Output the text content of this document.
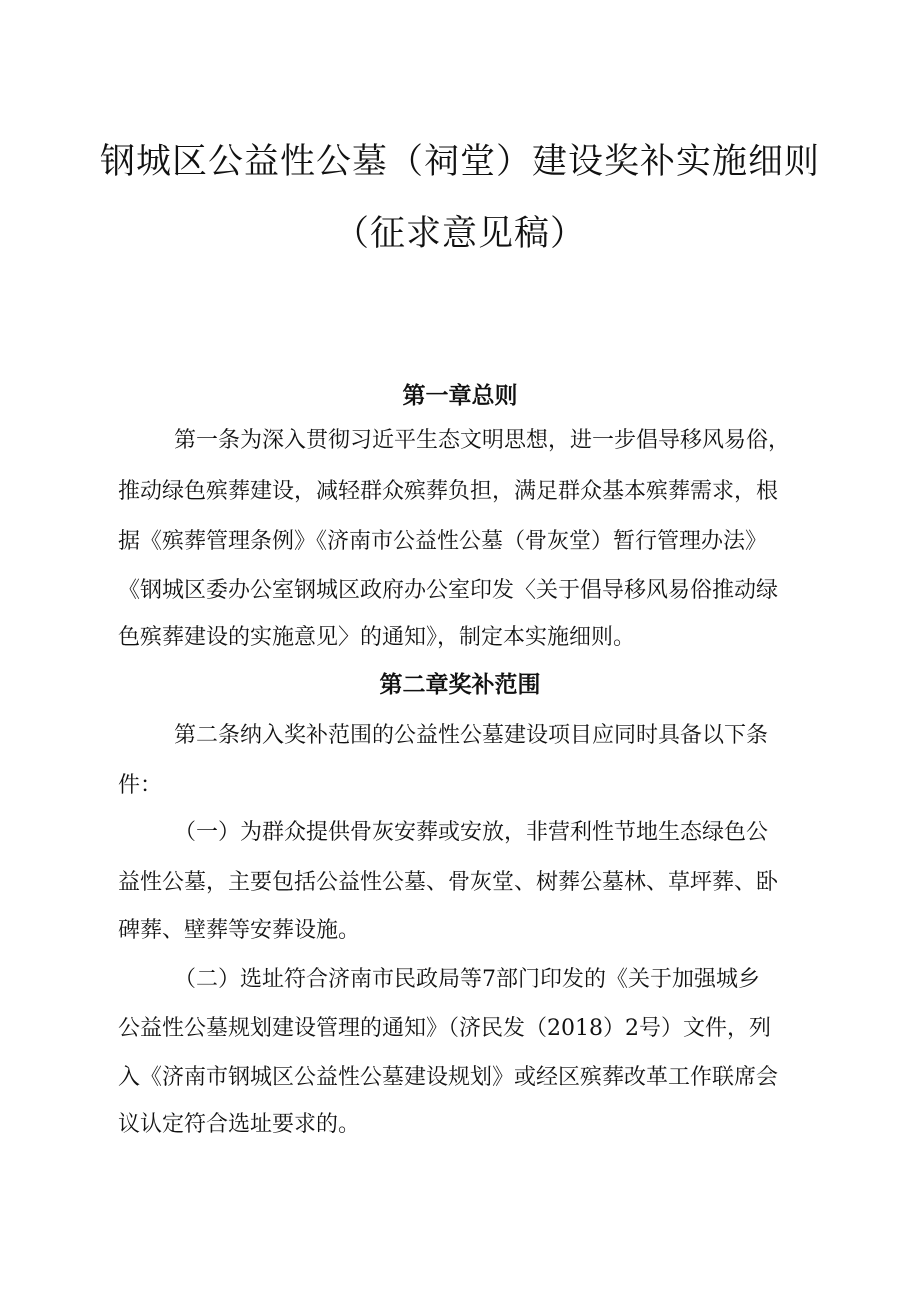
钢城区公益性公墓（祠堂）建设奖补实施细则
（征求意见稿）
第一章总则
第一条为深入贯彻习近平生态文明思想，进一步倡导移风易俗，
推动绿色殡葬建设，减轻群众殡葬负担，满足群众基本殡葬需求，根
据《殡葬管理条例》《济南市公益性公墓（骨灰堂）暂行管理办法》
《钢城区委办公室钢城区政府办公室印发〈关于倡导移风易俗推动绿
色殡葬建设的实施意见〉的通知》，制定本实施细则。
第二章奖补范围
第二条纳入奖补范围的公益性公墓建设项目应同时具备以下条
件：
（一）为群众提供骨灰安葬或安放，非营利性节地生态绿色公
益性公墓，主要包括公益性公墓、骨灰堂、树葬公墓林、草坪葬、卧
碑葬、壁葬等安葬设施。
（二）选址符合济南市民政局等7部门印发的《关于加强城乡
公益性公墓规划建设管理的通知》（济民发（2018）2号）文件，列
入《济南市钢城区公益性公墓建设规划》或经区殡葬改革工作联席会
议认定符合选址要求的。
